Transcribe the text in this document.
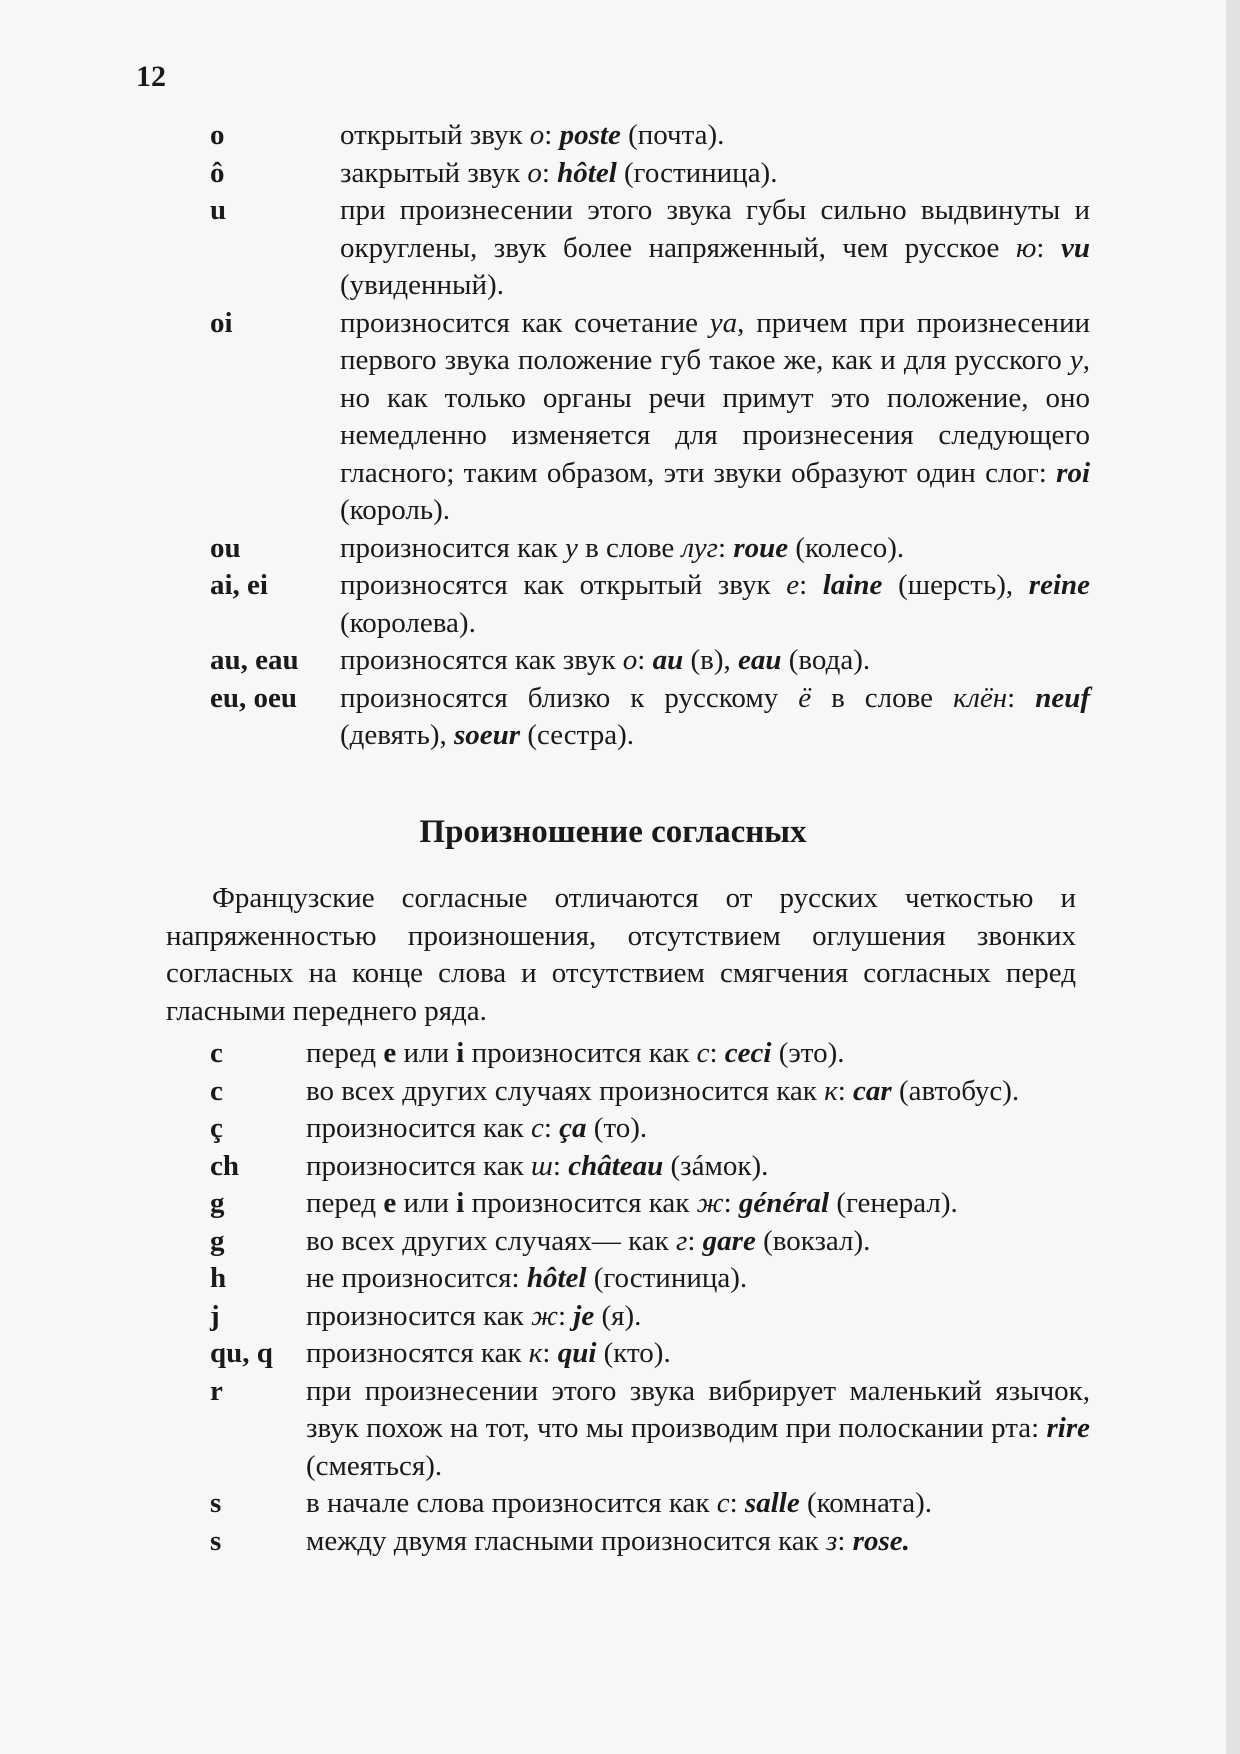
12
o	открытый звук о: poste (почта).
ô	закрытый звук о: hôtel (гостиница).
u	при произнесении этого звука губы сильно выдвинуты и округлены, звук более напряженный, чем русское ю: vu (увиденный).
oi	произносится как сочетание уа, причем при произнесении первого звука положение губ такое же, как и для русского у, но как только органы речи примут это положение, оно немедленно изменяется для произнесения следующего гласного; таким образом, эти звуки образуют один слог: roi (король).
ou	произносится как у в слове луг: roue (колесо).
ai, ei	произносятся как открытый звук е: laine (шерсть), reine (королева).
au, eau	произносятся как звук о: au (в), eau (вода).
eu, oeu	произносятся близко к русскому ё в слове клён: neuf (девять), soeur (сестра).
Произношение согласных
Французские согласные отличаются от русских четкостью и напряженностью произношения, отсутствием оглушения звонких согласных на конце слова и отсутствием смягчения согласных перед гласными переднего ряда.
c	перед e или i произносится как с: ceci (это).
c	во всех других случаях произносится как к: car (автобус).
ç	произносится как с: ça (то).
ch	произносится как ш: château (зáмок).
g	перед e или i произносится как ж: général (генерал).
g	во всех других случаях— как г: gare (вокзал).
h	не произносится: hôtel (гостиница).
j	произносится как ж: je (я).
qu, q	произносятся как к: qui (кто).
r	при произнесении этого звука вибрирует маленький язычок, звук похож на тот, что мы производим при полоскании рта: rire (смеяться).
s	в начале слова произносится как с: salle (комната).
s	между двумя гласными произносится как з: rose.
